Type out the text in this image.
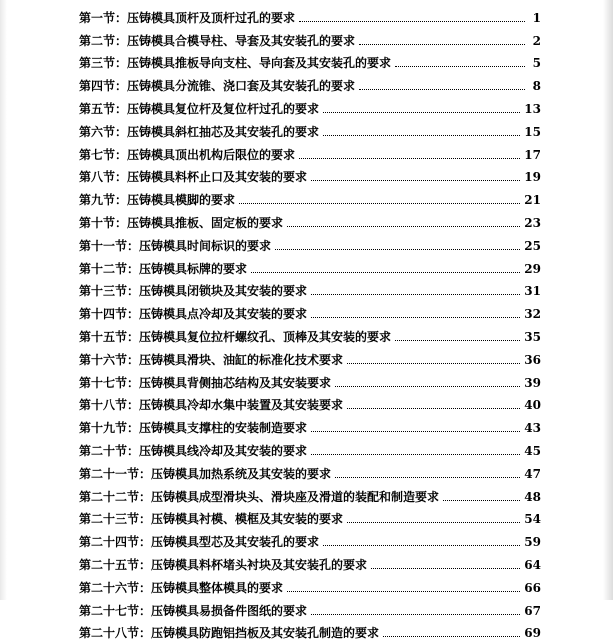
第一节：压铸模具顶杆及顶杆过孔的要求	1
第二节：压铸模具合模导柱、导套及其安装孔的要求	2
第三节：压铸模具推板导向支柱、导向套及其安装孔的要求	5
第四节：压铸模具分流锥、浇口套及其安装孔的要求	8
第五节：压铸模具复位杆及复位杆过孔的要求	13
第六节：压铸模具斜杠抽芯及其安装孔的要求	15
第七节：压铸模具顶出机构后限位的要求	17
第八节：压铸模具料杯止口及其安装的要求	19
第九节：压铸模具模脚的要求	21
第十节：压铸模具推板、固定板的要求	23
第十一节：压铸模具时间标识的要求	25
第十二节：压铸模具标牌的要求	29
第十三节：压铸模具闭锁块及其安装的要求	31
第十四节：压铸模具点冷却及其安装的要求	32
第十五节：压铸模具复位拉杆螺纹孔、顶棒及其安装的要求	35
第十六节：压铸模具滑块、油缸的标准化技术要求	36
第十七节：压铸模具背侧抽芯结构及其安装要求	39
第十八节：压铸模具冷却水集中装置及其安装要求	40
第十九节：压铸模具支撑柱的安装制造要求	43
第二十节：压铸模具线冷却及其安装的要求	45
第二十一节：压铸模具加热系统及其安装的要求	47
第二十二节：压铸模具成型滑块头、滑块座及滑道的装配和制造要求	48
第二十三节：压铸模具衬模、模框及其安装的要求	54
第二十四节：压铸模具型芯及其安装孔的要求	59
第二十五节：压铸模具料杯堵头衬块及其安装孔的要求	64
第二十六节：压铸模具整体模具的要求	66
第二十七节：压铸模具易损备件图纸的要求	67
第二十八节：压铸模具防跑铝挡板及其安装孔制造的要求	69
